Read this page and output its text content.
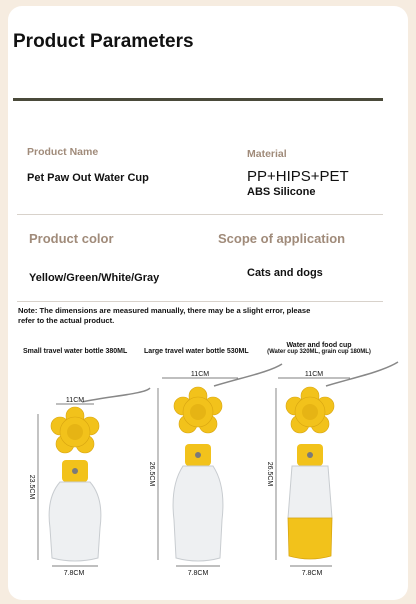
Product Parameters
Product Name
Pet Paw Out Water Cup
Material
PP+HIPS+PET
ABS Silicone
Product color	Scope of application
Yellow/Green/White/Gray	Cats and dogs
Note: The dimensions are measured manually, there may be a slight error, please refer to the actual product.
Small travel water bottle 380ML Large travel water bottle 530ML
Water and food cup
(Water cup 320ML, grain cup 180ML)
11CM
23.5CM
7.8CM
11CM
26.5CM
7.8CM
11CM
26.5CM
7.8CM
